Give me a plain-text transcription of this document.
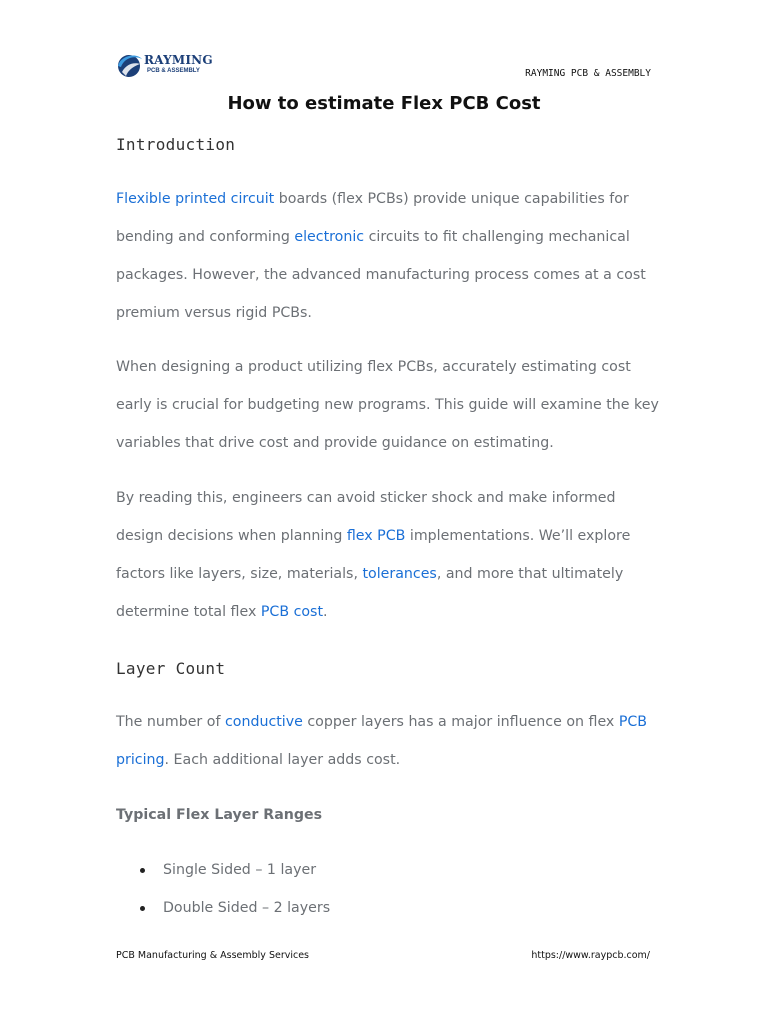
RAYMING
PCB & ASSEMBLY	RAYMING PCB & ASSEMBLY
How to estimate Flex PCB Cost
Introduction

Flexible printed circuit boards (flex PCBs) provide unique capabilities for bending and conforming electronic circuits to fit challenging mechanical packages. However, the advanced manufacturing process comes at a cost premium versus rigid PCBs.

When designing a product utilizing flex PCBs, accurately estimating cost early is crucial for budgeting new programs. This guide will examine the key variables that drive cost and provide guidance on estimating.

By reading this, engineers can avoid sticker shock and make informed design decisions when planning flex PCB implementations. We’ll explore factors like layers, size, materials, tolerances, and more that ultimately determine total flex PCB cost.

Layer Count

The number of conductive copper layers has a major influence on flex PCB pricing. Each additional layer adds cost.

Typical Flex Layer Ranges
Single Sided – 1 layer
Double Sided – 2 layers
PCB Manufacturing & Assembly Services	https://www.raypcb.com/
